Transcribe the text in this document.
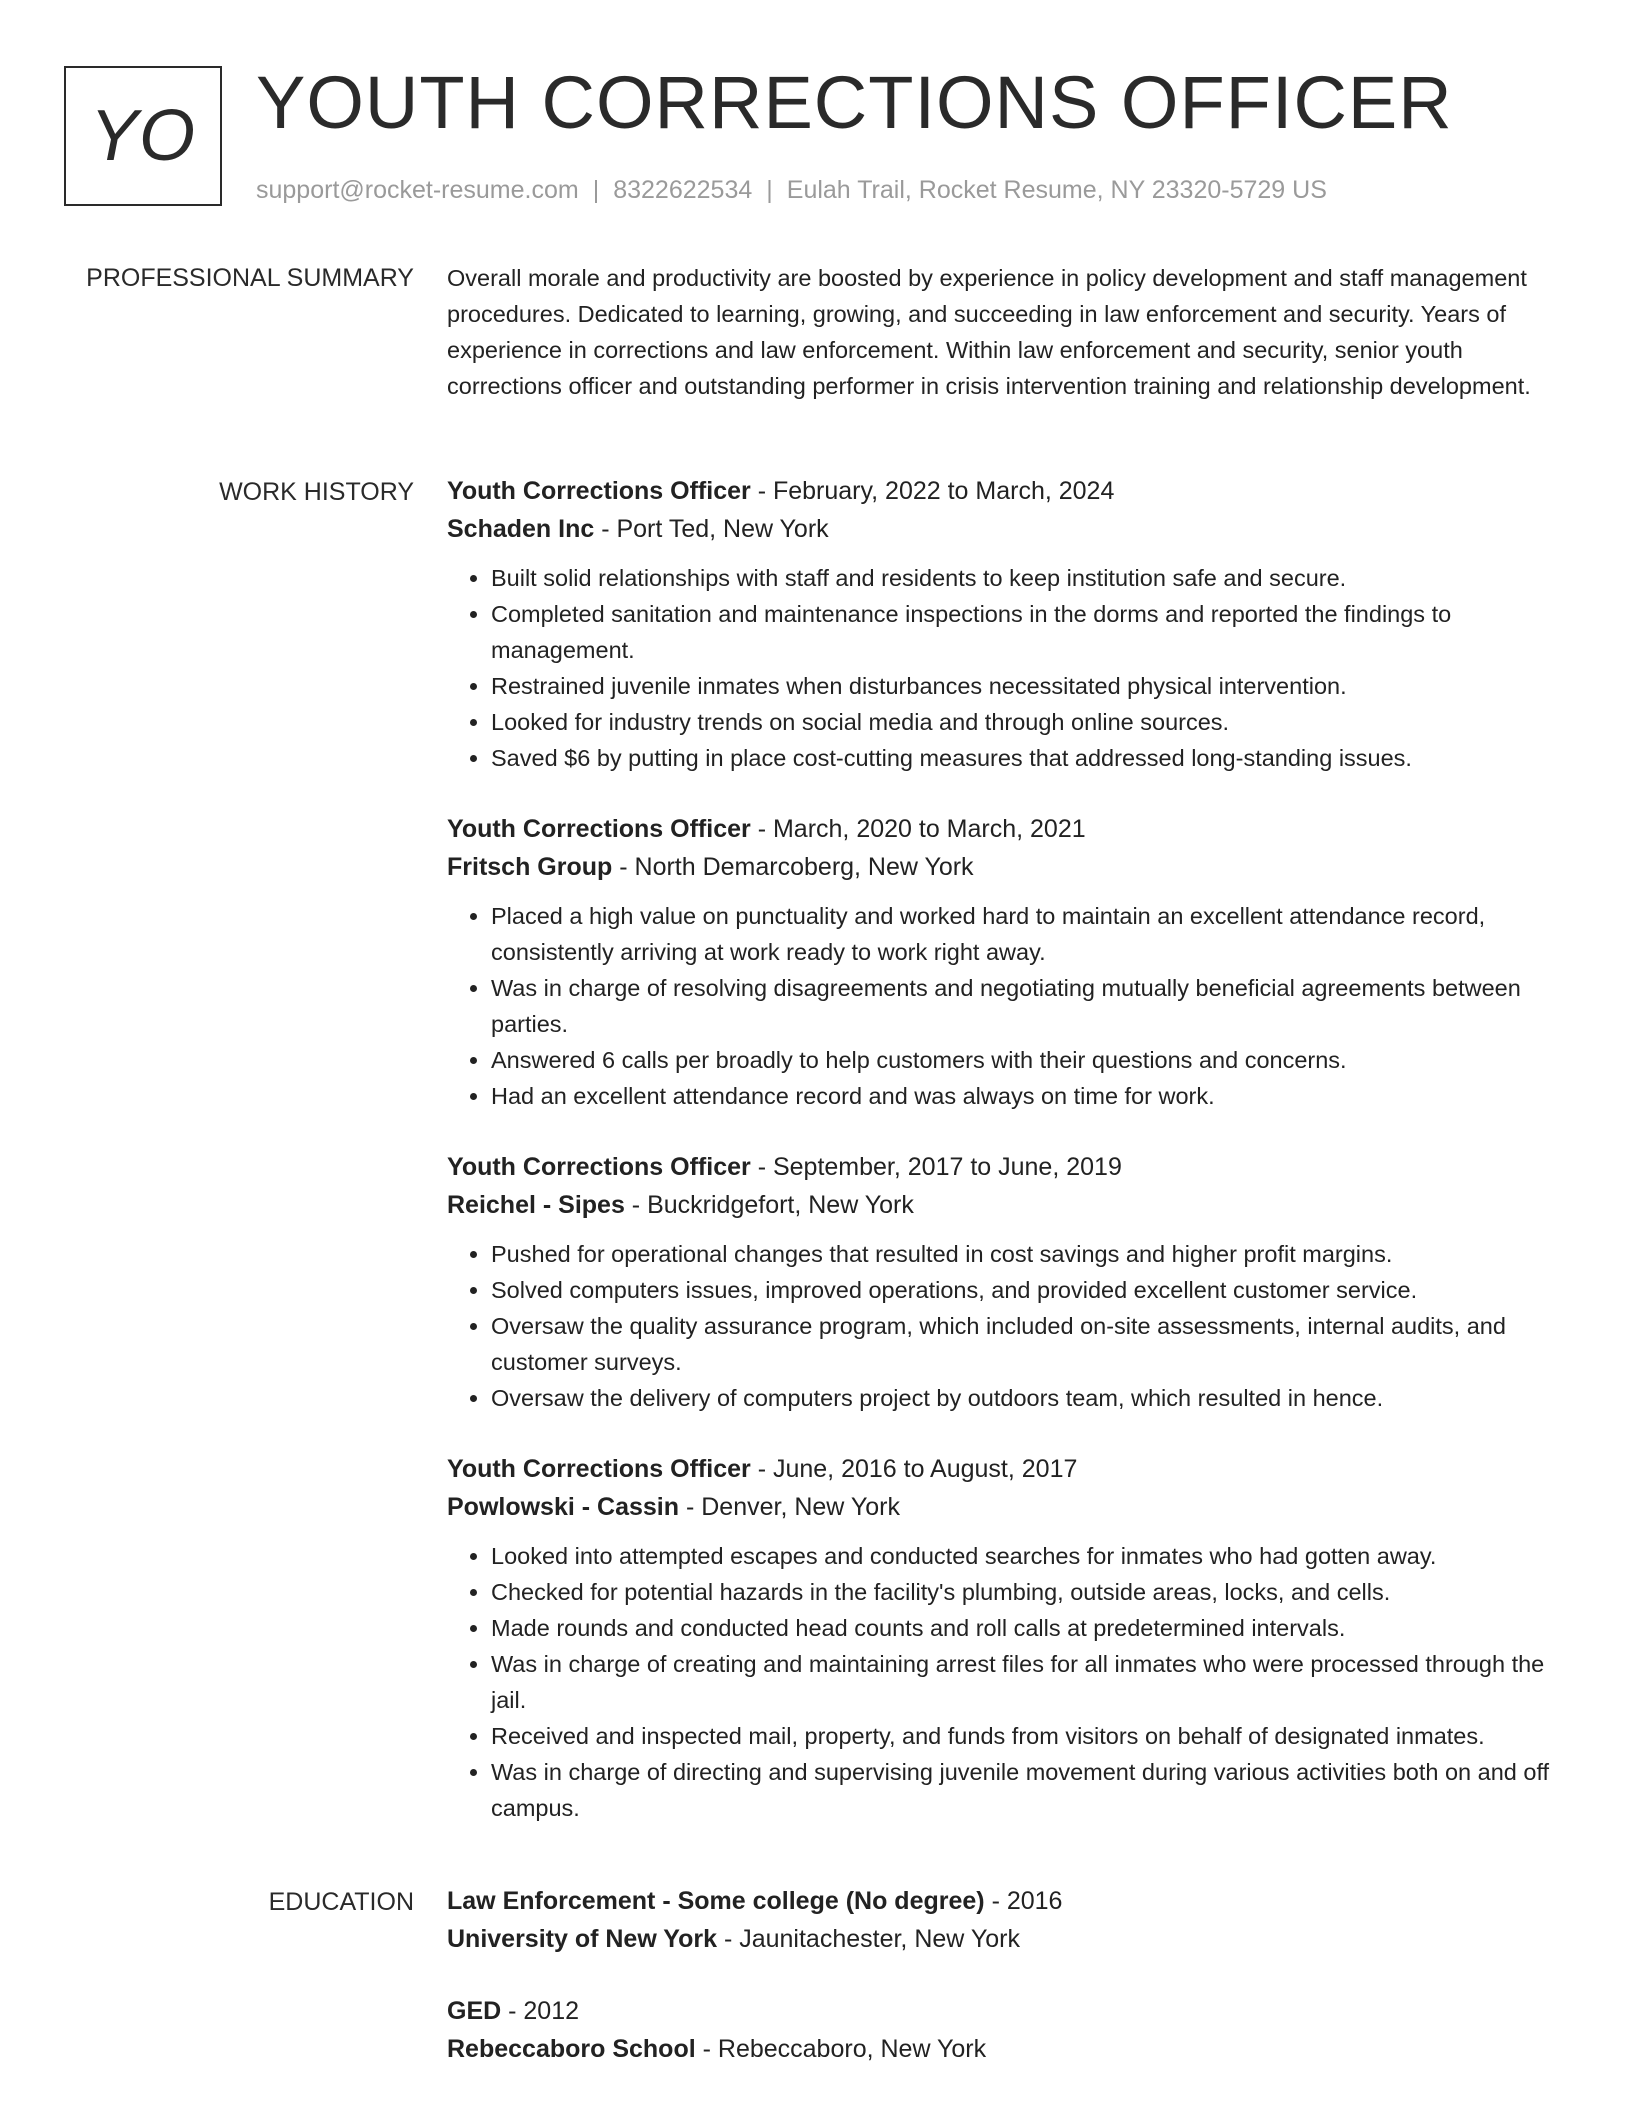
YO YOUTH CORRECTIONS OFFICER
support@rocket-resume.com | 8322622534 | Eulah Trail, Rocket Resume, NY 23320-5729 US
PROFESSIONAL SUMMARY Overall morale and productivity are boosted by experience in policy development and staff management procedures. Dedicated to learning, growing, and succeeding in law enforcement and security. Years of experience in corrections and law enforcement. Within law enforcement and security, senior youth corrections officer and outstanding performer in crisis intervention training and relationship development.

WORK HISTORY Youth Corrections Officer - February, 2022 to March, 2024

Schaden Inc - Port Ted, New York

• Built solid relationships with staff and residents to keep institution safe and secure.
• Completed sanitation and maintenance inspections in the dorms and reported the findings to management.
• Restrained juvenile inmates when disturbances necessitated physical intervention.
• Looked for industry trends on social media and through online sources.
• Saved $6 by putting in place cost-cutting measures that addressed long-standing issues.

Youth Corrections Officer - March, 2020 to March, 2021

Fritsch Group - North Demarcoberg, New York

• Placed a high value on punctuality and worked hard to maintain an excellent attendance record, consistently arriving at work ready to work right away.
• Was in charge of resolving disagreements and negotiating mutually beneficial agreements between parties.
• Answered 6 calls per broadly to help customers with their questions and concerns.
• Had an excellent attendance record and was always on time for work.

Youth Corrections Officer - September, 2017 to June, 2019

Reichel - Sipes - Buckridgefort, New York

• Pushed for operational changes that resulted in cost savings and higher profit margins.
• Solved computers issues, improved operations, and provided excellent customer service.
• Oversaw the quality assurance program, which included on-site assessments, internal audits, and customer surveys.
• Oversaw the delivery of computers project by outdoors team, which resulted in hence.

Youth Corrections Officer - June, 2016 to August, 2017

Powlowski - Cassin - Denver, New York

• Looked into attempted escapes and conducted searches for inmates who had gotten away.
• Checked for potential hazards in the facility's plumbing, outside areas, locks, and cells.
• Made rounds and conducted head counts and roll calls at predetermined intervals.
• Was in charge of creating and maintaining arrest files for all inmates who were processed through the jail.
• Received and inspected mail, property, and funds from visitors on behalf of designated inmates.
• Was in charge of directing and supervising juvenile movement during various activities both on and off campus.
EDUCATION Law Enforcement - Some college (No degree) - 2016

University of New York - Jaunitachester, New York

GED - 2012

Rebeccaboro School - Rebeccaboro, New York
